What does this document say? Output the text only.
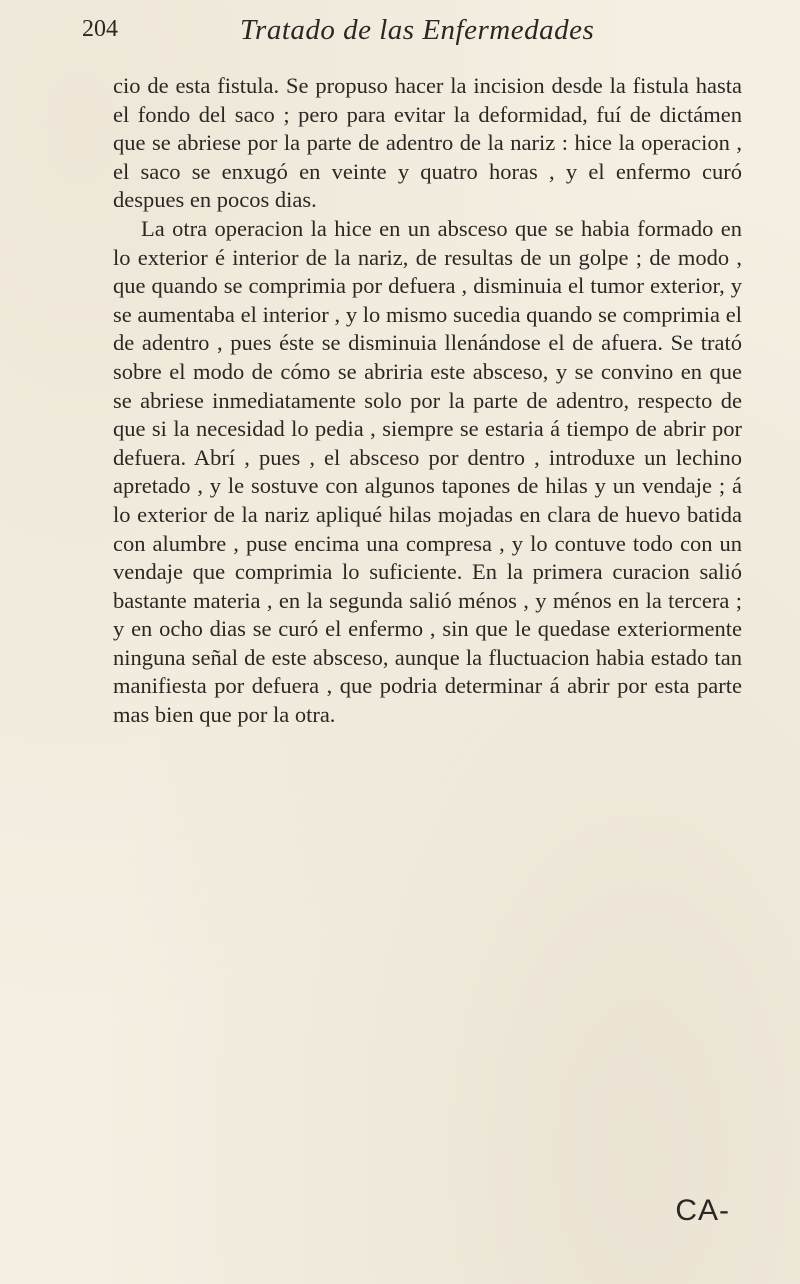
204	Tratado de las Enfermedades

cio de esta fistula. Se propuso hacer la incision desde la fistula hasta el fondo del saco ; pero para evitar la deformidad, fuí de dictámen que se abriese por la parte de adentro de la nariz : hice la operacion , el saco se enxugó en veinte y quatro horas , y el enfermo curó despues en pocos dias.

La otra operacion la hice en un absceso que se habia formado en lo exterior é interior de la nariz, de resultas de un golpe ; de modo , que quando se comprimia por defuera , disminuia el tumor exterior, y se aumentaba el interior , y lo mismo sucedia quando se comprimia el de adentro , pues éste se disminuia llenándose el de afuera. Se trató sobre el modo de cómo se abriria este absceso, y se convino en que se abriese inmediatamente solo por la parte de adentro, respecto de que si la necesidad lo pedia , siempre se estaria á tiempo de abrir por defuera. Abrí , pues , el absceso por dentro , introduxe un lechino apretado , y le sostuve con algunos tapones de hilas y un vendaje ; á lo exterior de la nariz apliqué hilas mojadas en clara de huevo batida con alumbre , puse encima una compresa , y lo contuve todo con un vendaje que comprimia lo suficiente. En la primera curacion salió bastante materia , en la segunda salió ménos , y ménos en la tercera ; y en ocho dias se curó el enfermo , sin que le quedase exteriormente ninguna señal de este absceso, aunque la fluctuacion habia estado tan manifiesta por defuera , que podria determinar á abrir por esta parte mas bien que por la otra.

CA-
